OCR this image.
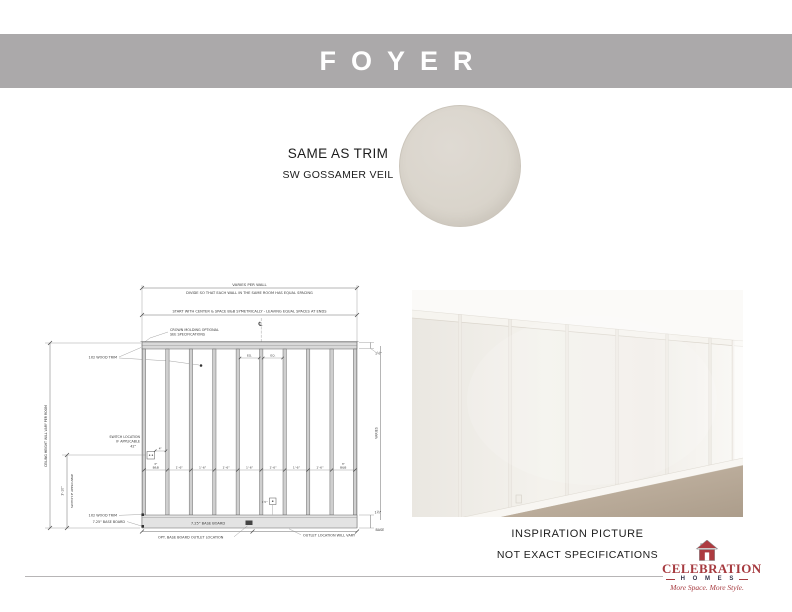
FOYER
SAME AS TRIM
SW GOSSAMER VEIL
VARIES PER WALL
DIVIDE SO THAT EACH WALL IN THE SAME ROOM HAS EQUAL SPACING
START WITH CENTER & SPACE B&B SYMETRICALLY - LEAVING EQUAL SPACES AT ENDS
℄
CROWN MOLDING OPTIONAL
SEE SPECIFICATIONS
1X2 WOOD TRIM	EQ.	EQ.
3"
B&B	1'-6"	1'-6"	1'-6"	1'-6"	1'-6"	1'-6"	1'-6"
3"
B&B
CEILING HEIGHT WILL VARY PER ROOM
3'-10" SWITCH IF APPLICABLE
SWITCH LOCATION
IF APPLICABLE
42"
4"
1½"
7.25" BASE BOARD
1X2 WOOD TRIM
7.25" BASE BOARD
OPT. BASE BOARD OUTLET LOCATION	OUTLET LOCATION WILL VARY
1½"
VARIES
1½"
BASE	INSPIRATION PICTURE
NOT EXACT SPECIFICATIONS
CELEBRATION
H O M E S
More Space. More Style.
